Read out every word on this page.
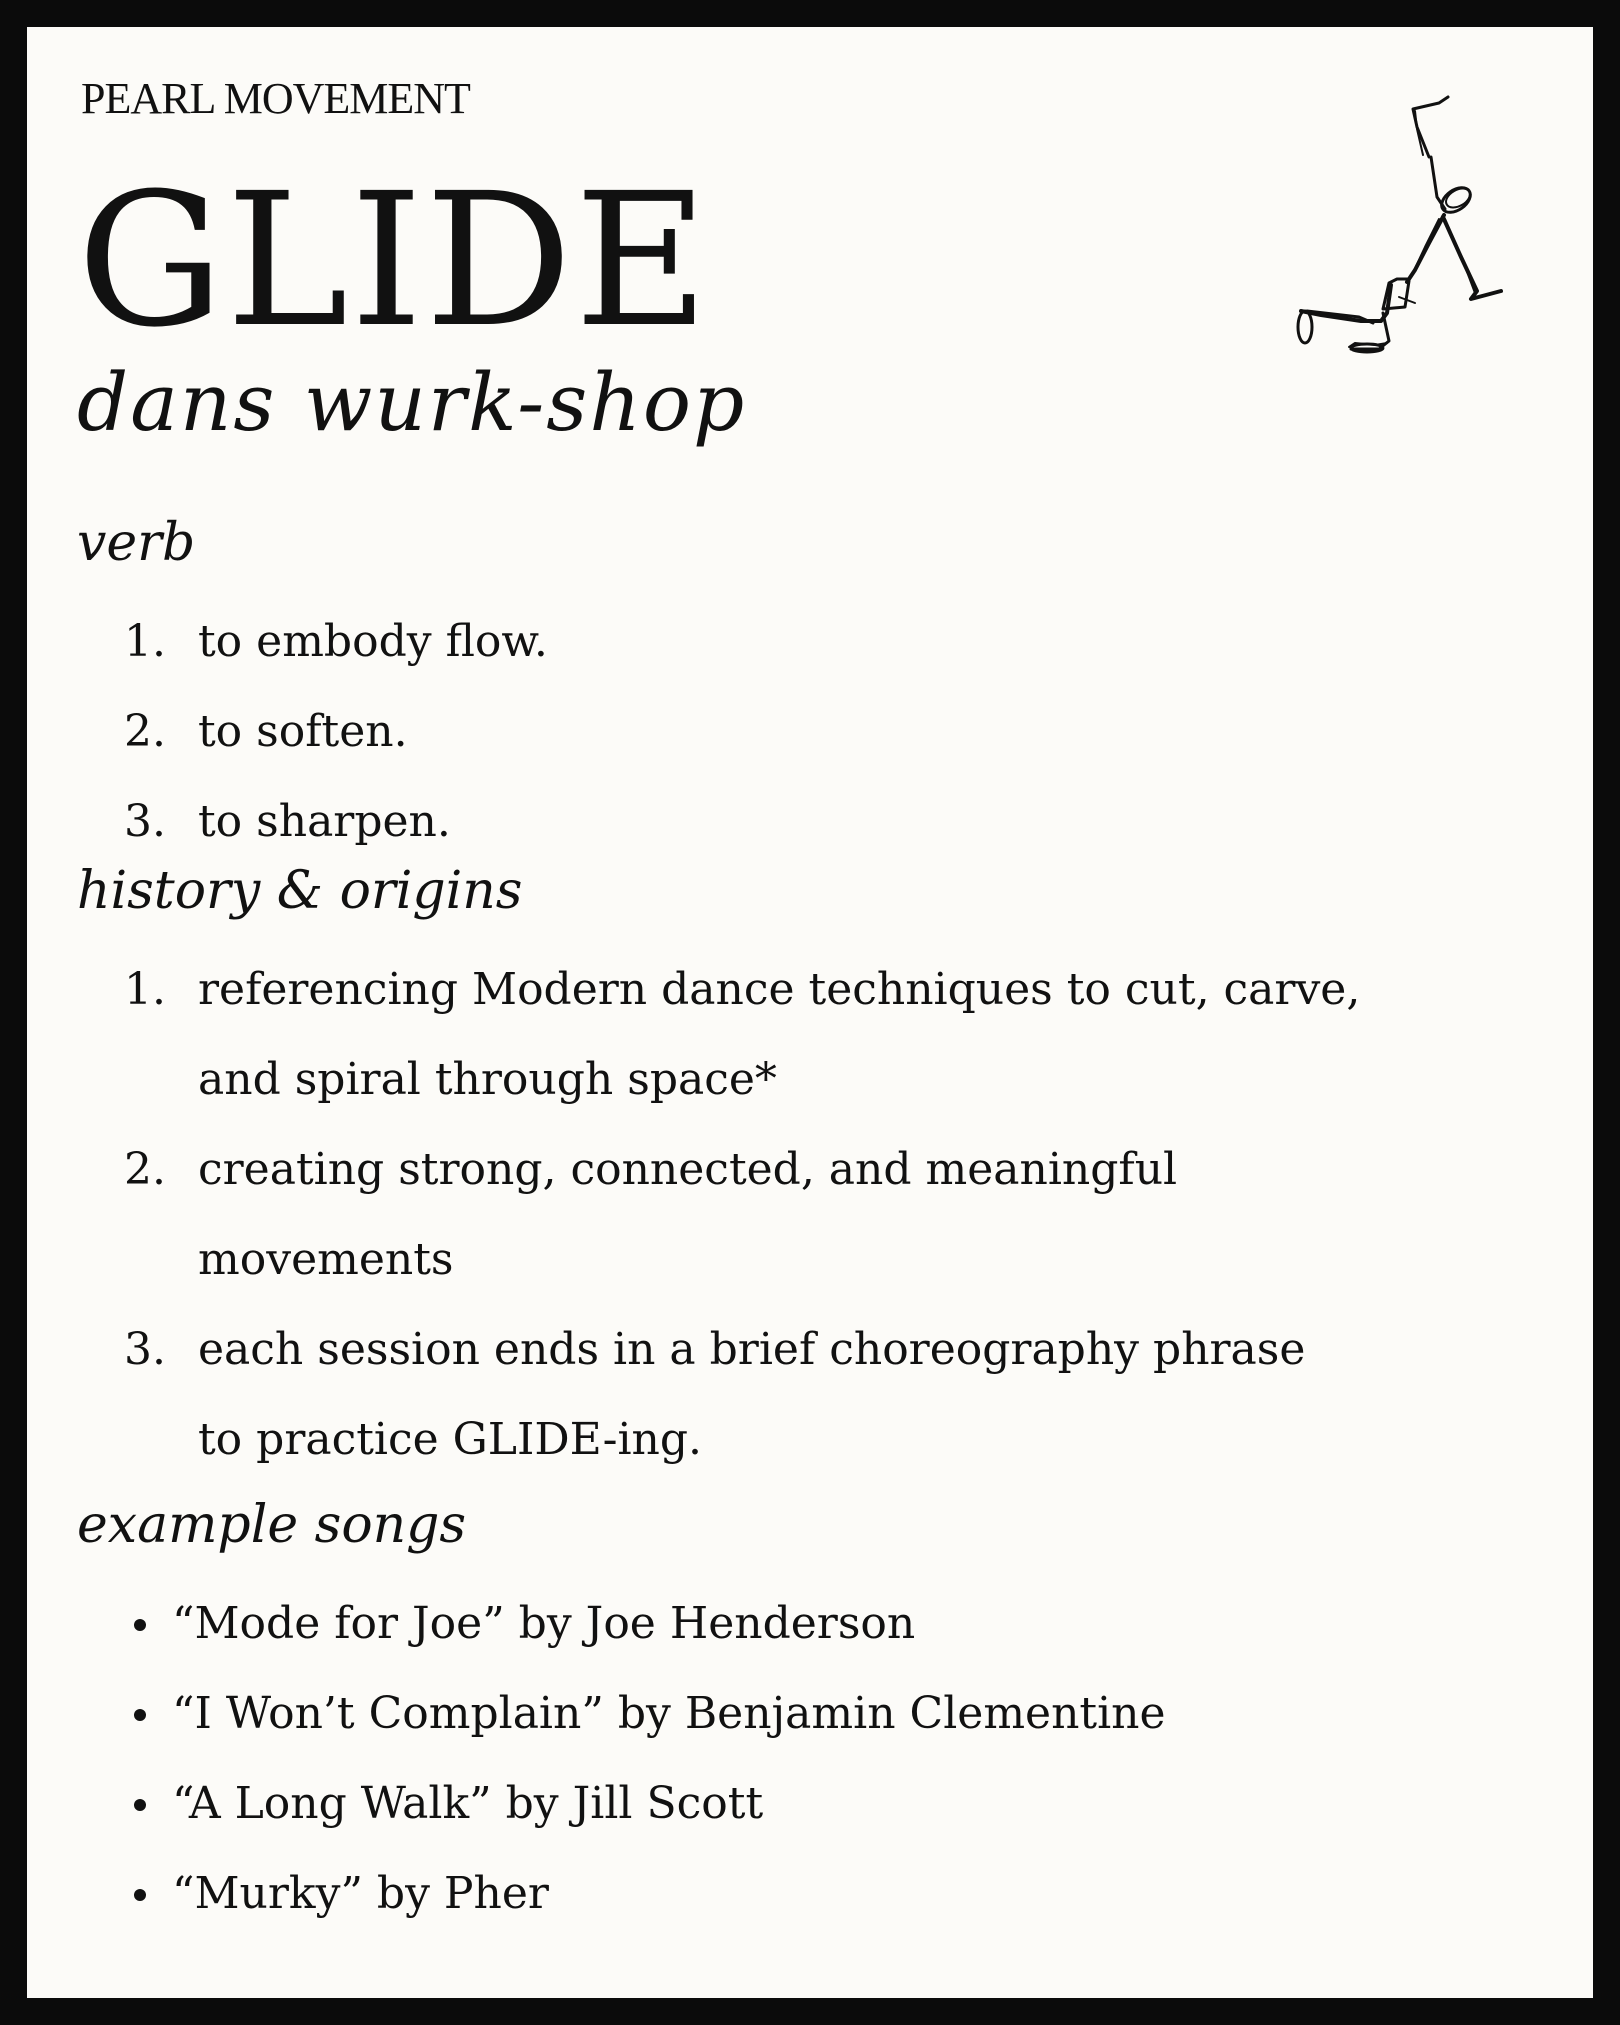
PEARL MOVEMENT
GLIDE
dans wurk-shop
verb
1. to embody flow.
2. to soften.
3. to sharpen.
history & origins
1. referencing Modern dance techniques to cut, carve,
and spiral through space*
2. creating strong, connected, and meaningful
movements
3. each session ends in a brief choreography phrase
to practice GLIDE-ing.
example songs
“Mode for Joe” by Joe Henderson
“I Won’t Complain” by Benjamin Clementine
“A Long Walk” by Jill Scott
“Murky” by Pher
